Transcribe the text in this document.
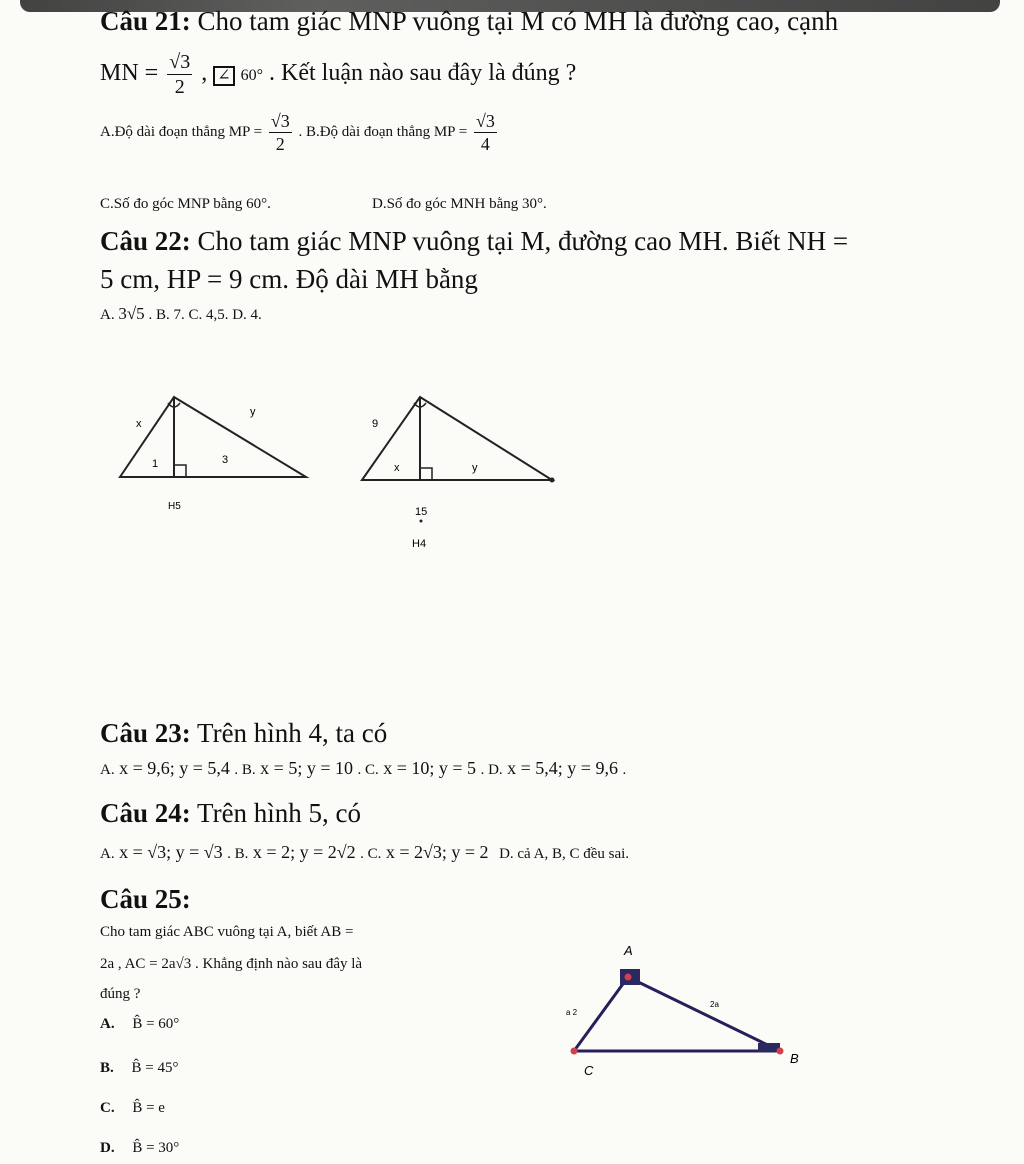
Câu 21: Cho tam giác MNP vuông tại M có MH là đường cao, cạnh
MN = $\frac{√3}{2}$ , ∠ 60° . Kết luận nào sau đây là đúng ?
A.Độ dài đoạn thẳng MP = $\frac{√3}{2}$ . B.Độ dài đoạn thẳng MP = $\frac{√3}{4}$
C.Số đo góc MNP bằng 60°.	D.Số đo góc MNH bằng 30°.
Câu 22: Cho tam giác MNP vuông tại M, đường cao MH. Biết NH =
5 cm, HP = 9 cm. Độ dài MH bằng
A. 3√5 . B. 7. C. 4,5. D. 4.
x
y
1	3
H5
9
x	y
15
H4
Câu 23: Trên hình 4, ta có
A. x = 9,6; y = 5,4 . B. x = 5; y = 10 . C. x = 10; y = 5 . D. x = 5,4; y = 9,6 .
Câu 24: Trên hình 5, có
A. x = √3; y = √3 . B. x = 2; y = 2√2 . C. x = 2√3; y = 2 D. cả A, B, C đều sai.
Câu 25:
Cho tam giác ABC vuông tại A, biết AB =
2a , AC = 2a√3 . Khẳng định nào sau đây là
đúng ?
A. B̂ = 60°
B. B̂ = 45°
C. B̂ = e
D. B̂ = 30°
A
B
C
a 2
2a
